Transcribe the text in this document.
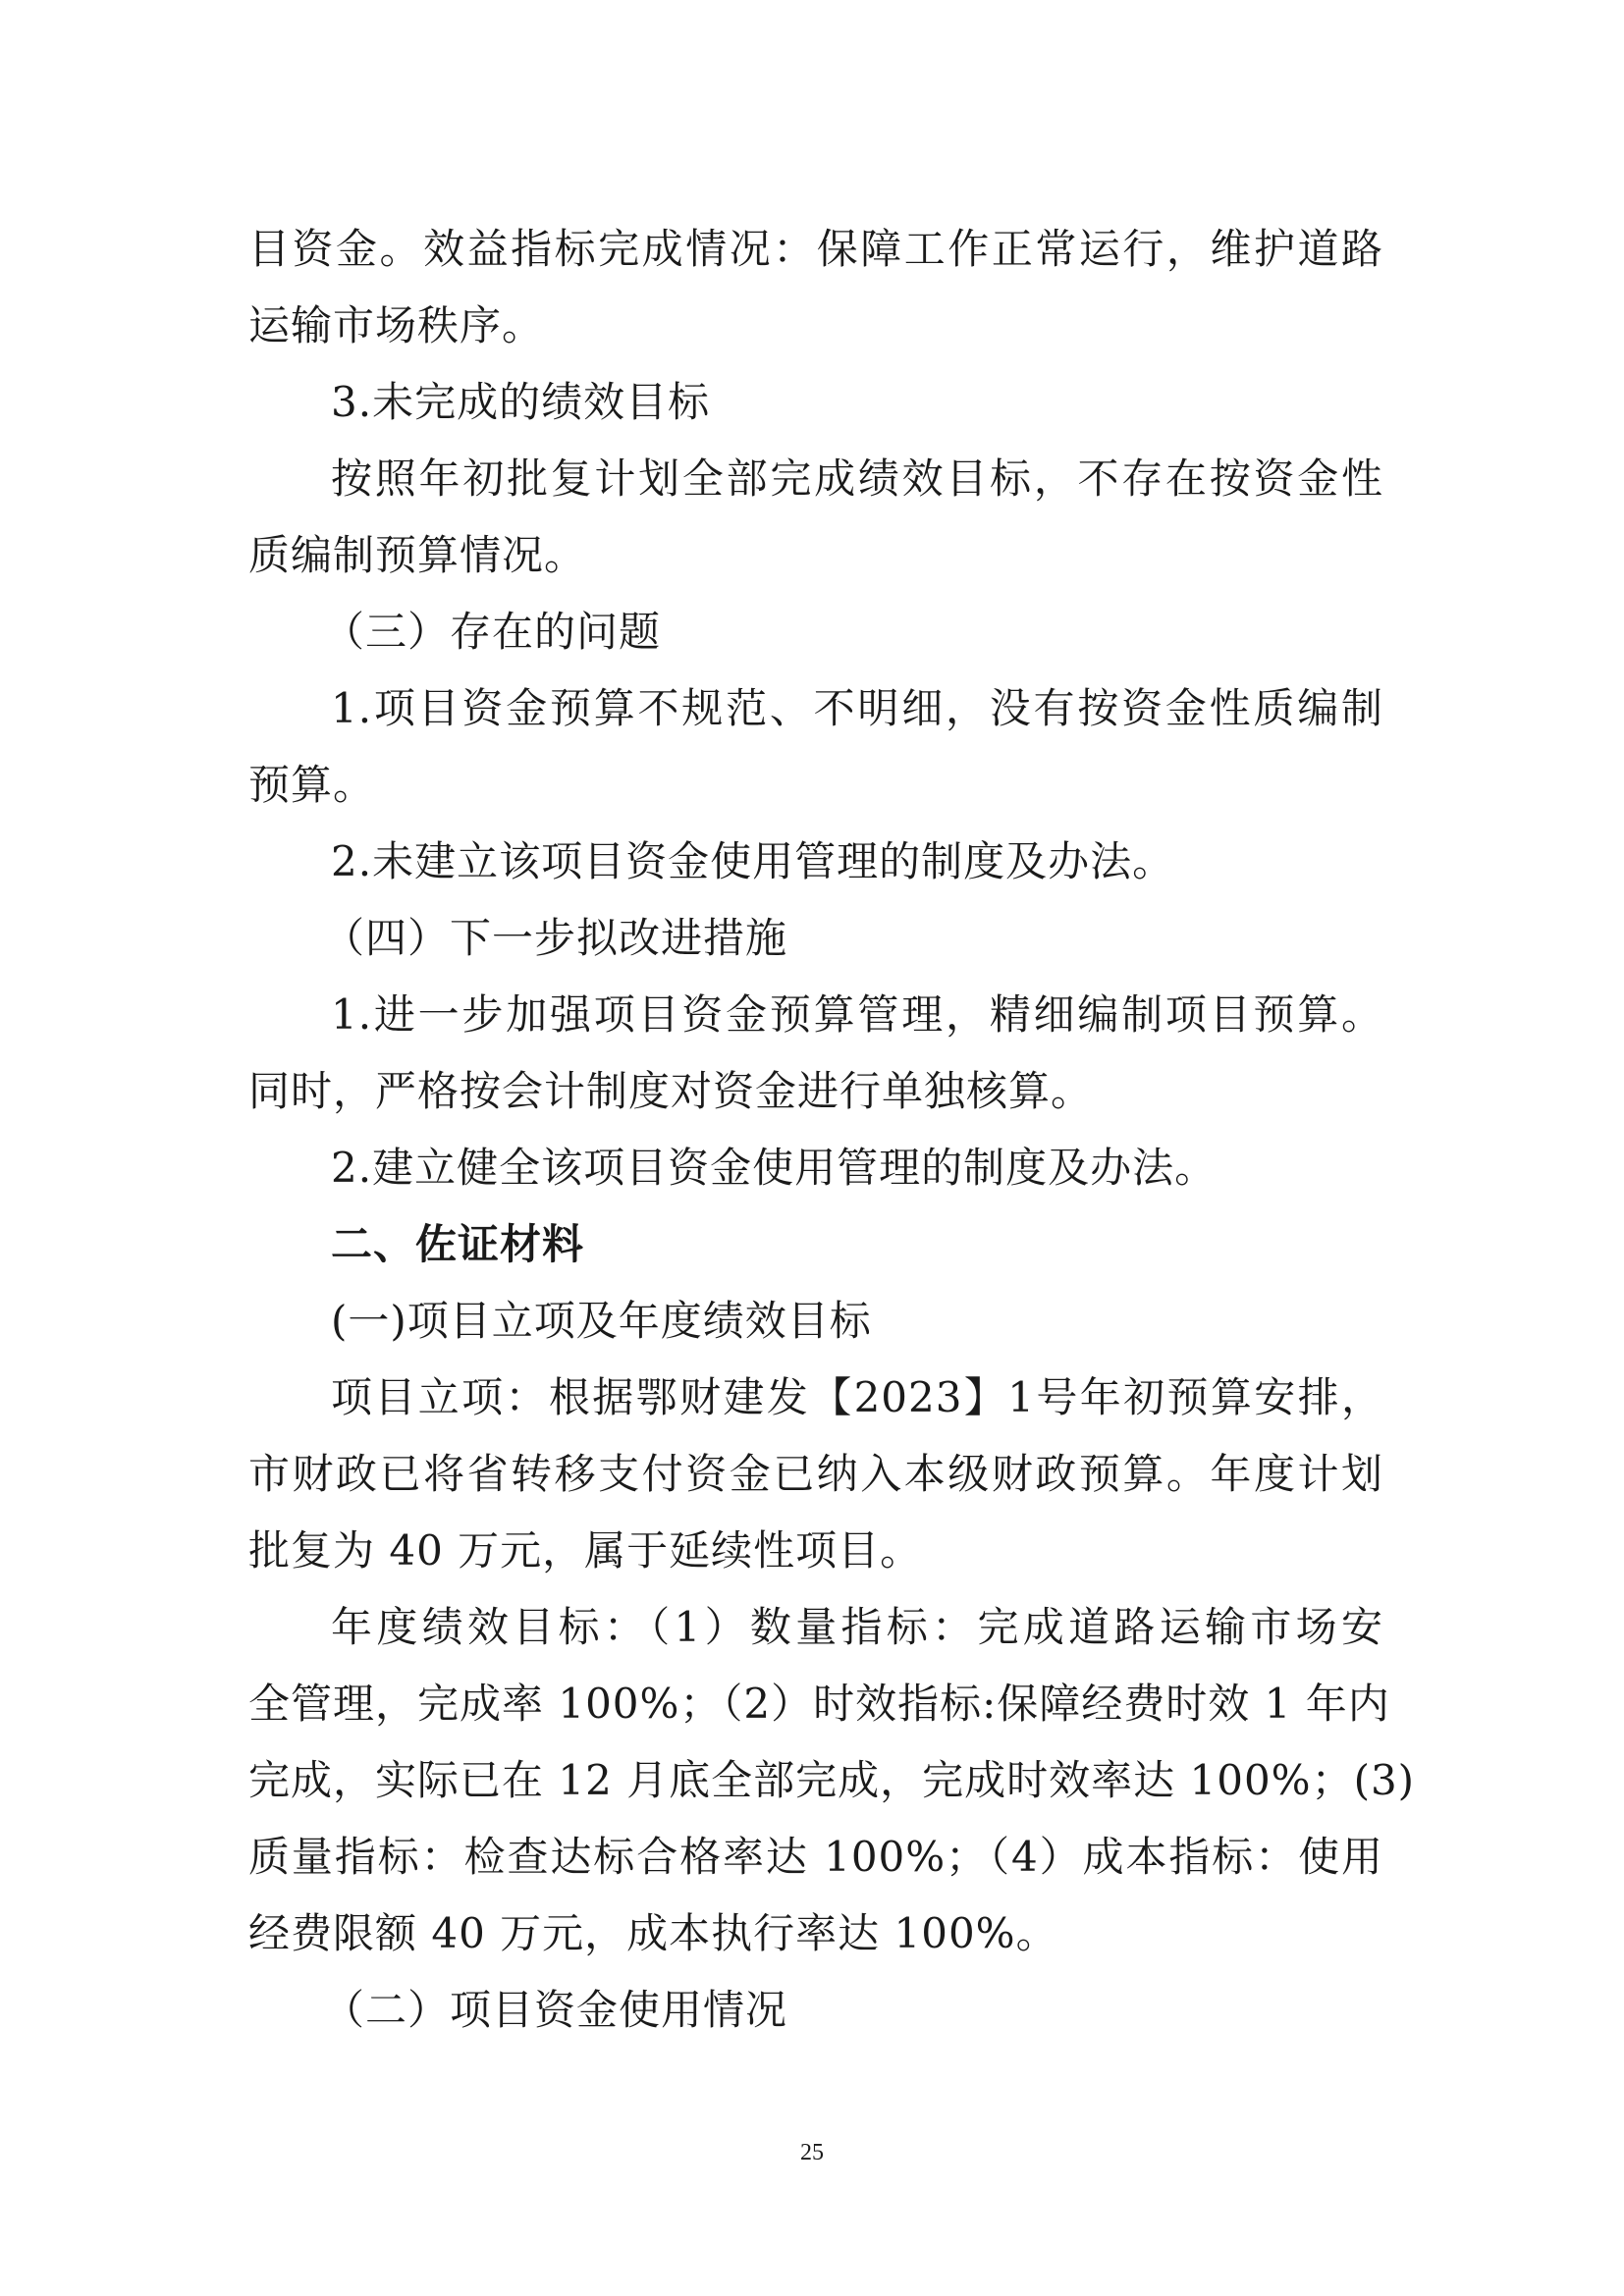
目资金。效益指标完成情况：保障工作正常运行，维护道路
运输市场秩序。
3.未完成的绩效目标
按照年初批复计划全部完成绩效目标，不存在按资金性
质编制预算情况。
（三）存在的问题
1.项目资金预算不规范、不明细，没有按资金性质编制
预算。
2.未建立该项目资金使用管理的制度及办法。
（四）下一步拟改进措施
1.进一步加强项目资金预算管理，精细编制项目预算。
同时，严格按会计制度对资金进行单独核算。
2.建立健全该项目资金使用管理的制度及办法。
二、佐证材料
(一)项目立项及年度绩效目标
项目立项：根据鄂财建发【2023】1号年初预算安排，
市财政已将省转移支付资金已纳入本级财政预算。年度计划
批复为 40 万元，属于延续性项目。
年度绩效目标：（1）数量指标：完成道路运输市场安
全管理，完成率 100%；（2）时效指标:保障经费时效 1 年内
完成，实际已在 12 月底全部完成，完成时效率达 100%；(3)
质量指标：检查达标合格率达 100%；（4）成本指标：使用
经费限额 40 万元，成本执行率达 100%。
（二）项目资金使用情况
25
